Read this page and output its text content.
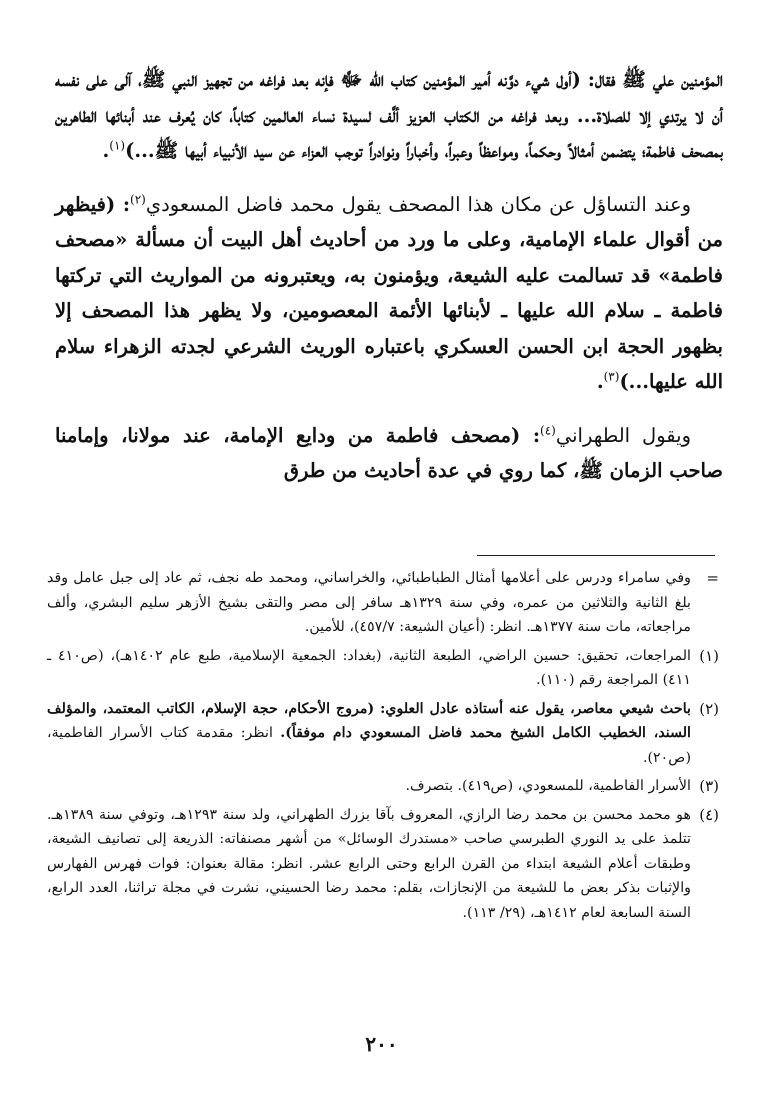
المؤمنين علي ﷺ فقال: (أول شيء دوَّنه أمير المؤمنين كتاب الله ﷻ فإنه بعد فراغه من تجهيز النبي ﷺ، آلى على نفسه أن لا يرتدي إلا للصلاة... وبعد فراغه من الكتاب العزيز ألَّف لسيدة نساء العالمين كتاباً، كان يُعرف عند أبنائها الطاهرين بمصحف فاطمة؛ يتضمن أمثالاً وحكماً، ومواعظاً وعبراً، وأخباراً ونوادراً توجب العزاء عن سيد الأنبياء أبيها ﷺ...)$^{(١)}$.

وعند التساؤل عن مكان هذا المصحف يقول محمد فاضل المسعودي$^{(٢)}$: (فيظهر من أقوال علماء الإمامية، وعلى ما ورد من أحاديث أهل البيت أن مسألة «مصحف فاطمة» قد تسالمت عليه الشيعة، ويؤمنون به، ويعتبرونه من المواريث التي تركتها فاطمة ـ سلام الله عليها ـ لأبنائها الأئمة المعصومين، ولا يظهر هذا المصحف إلا بظهور الحجة ابن الحسن العسكري باعتباره الوريث الشرعي لجدته الزهراء سلام الله عليها...)$^{(٣)}$.

ويقول الطهراني$^{(٤)}$: (مصحف فاطمة من ودايع الإمامة، عند مولانا، وإمامنا صاحب الزمان ﷺ، كما روي في عدة أحاديث من طرق

=
وفي سامراء ودرس على أعلامها أمثال الطباطبائي، والخراساني، ومحمد طه نجف، ثم عاد إلى جبل عامل وقد بلغ الثانية والثلاثين من عمره، وفي سنة ١٣٢٩هـ سافر إلى مصر والتقى بشيخ الأزهر سليم البشري، وألف مراجعاته، مات سنة ١٣٧٧هـ. انظر: (أعيان الشيعة: ٤٥٧/٧)، للأمين.
(١)
المراجعات، تحقيق: حسين الراضي، الطبعة الثانية، (بغداد: الجمعية الإسلامية، طبع عام ١٤٠٢هـ)، (ص٤١٠ ـ ٤١١) المراجعة رقم (١١٠).
(٢)
باحث شيعي معاصر، يقول عنه أستاذه عادل العلوي: (مروج الأحكام، حجة الإسلام، الكاتب المعتمد، والمؤلف السند، الخطيب الكامل الشيخ محمد فاضل المسعودي دام موفقاً). انظر: مقدمة كتاب الأسرار الفاطمية، (ص٢٠).
(٣)
الأسرار الفاطمية، للمسعودي، (ص٤١٩). بتصرف.
(٤)
هو محمد محسن بن محمد رضا الرازي، المعروف بآقا بزرك الطهراني، ولد سنة ١٢٩٣هـ، وتوفي سنة ١٣٨٩هـ. تتلمذ على يد النوري الطبرسي صاحب «مستدرك الوسائل» من أشهر مصنفاته: الذريعة إلى تصانيف الشيعة، وطبقات أعلام الشيعة ابتداء من القرن الرابع وحتى الرابع عشر. انظر: مقالة بعنوان: فوات فهرس الفهارس والإثبات بذكر بعض ما للشيعة من الإنجازات، بقلم: محمد رضا الحسيني، نشرت في مجلة تراثنا، العدد الرابع، السنة السابعة لعام ١٤١٢هـ، (٢٩/ ١١٣).
٢٠٠
